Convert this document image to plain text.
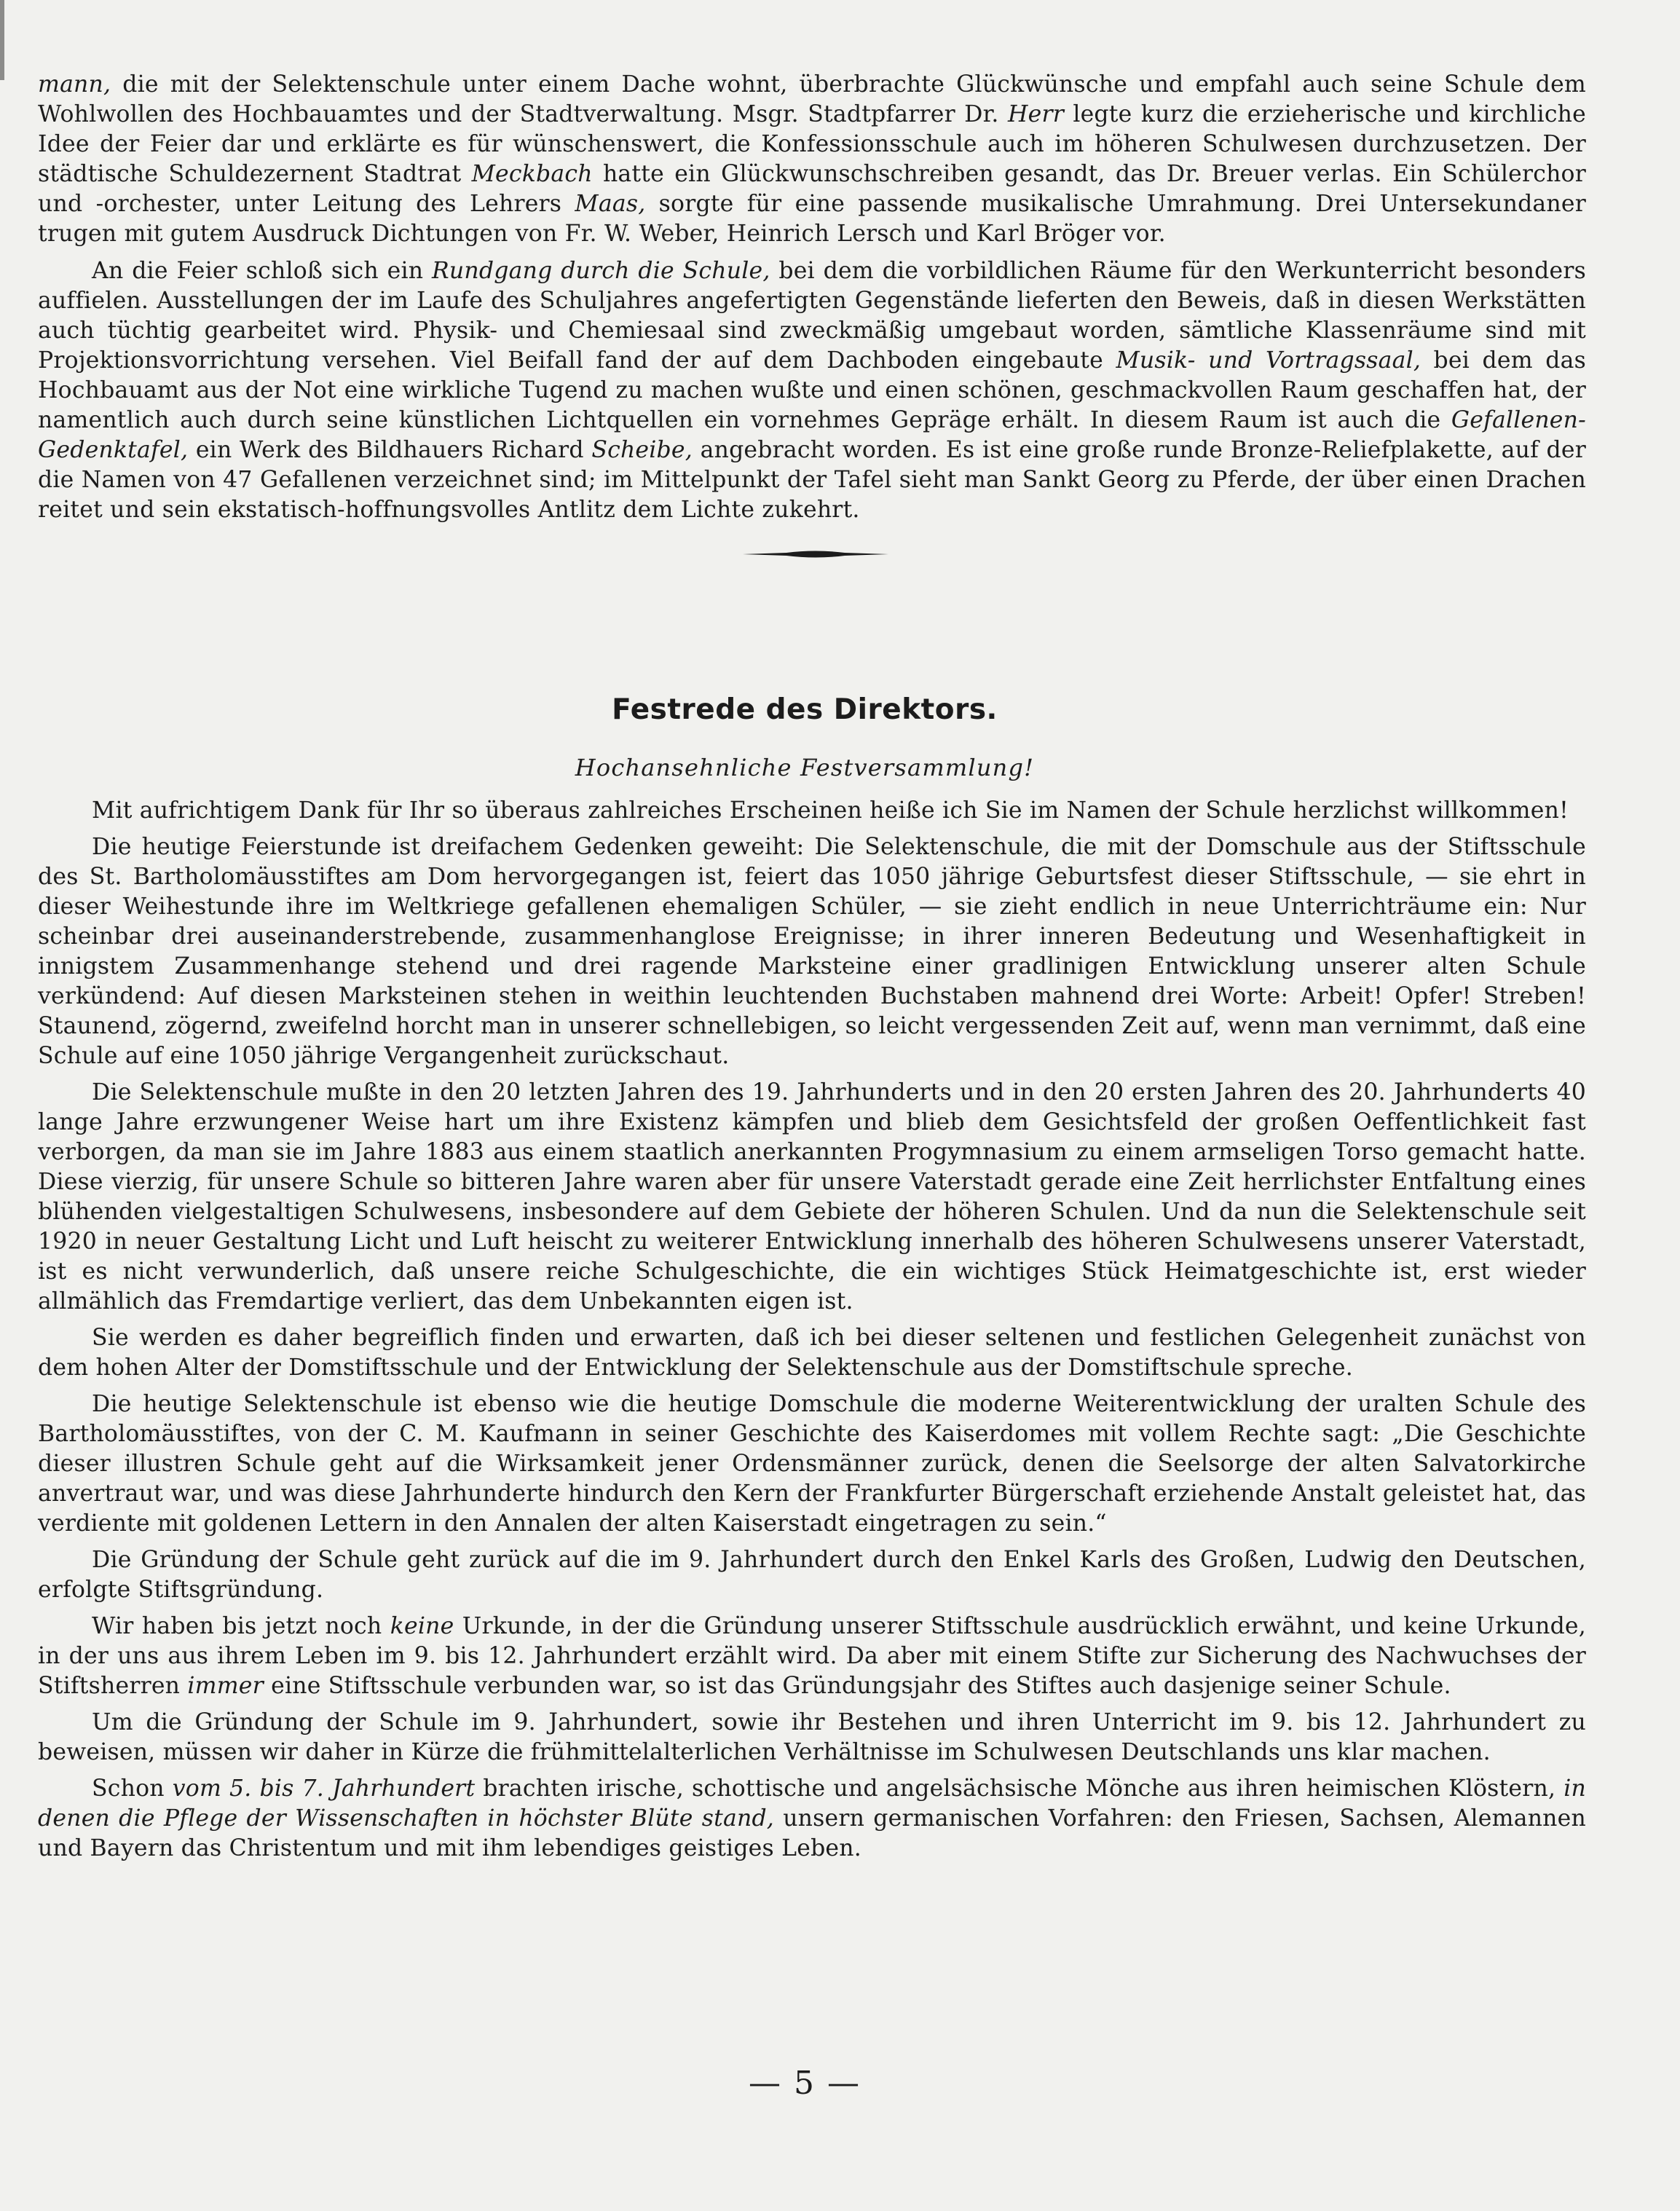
mann, die mit der Selektenschule unter einem Dache wohnt, überbrachte Glückwünsche und empfahl auch seine Schule dem Wohlwollen des Hochbauamtes und der Stadtverwaltung. Msgr. Stadtpfarrer Dr. Herr legte kurz die erzieherische und kirchliche Idee der Feier dar und erklärte es für wünschenswert, die Konfessionsschule auch im höheren Schulwesen durchzusetzen. Der städtische Schuldezernent Stadtrat Meckbach hatte ein Glückwunschschreiben gesandt, das Dr. Breuer verlas. Ein Schülerchor und -orchester, unter Leitung des Lehrers Maas, sorgte für eine passende musikalische Umrahmung. Drei Untersekundaner trugen mit gutem Ausdruck Dichtungen von Fr. W. Weber, Heinrich Lersch und Karl Bröger vor.

An die Feier schloß sich ein Rundgang durch die Schule, bei dem die vorbildlichen Räume für den Werkunterricht besonders auffielen. Ausstellungen der im Laufe des Schuljahres angefertigten Gegenstände lieferten den Beweis, daß in diesen Werkstätten auch tüchtig gearbeitet wird. Physik- und Chemiesaal sind zweckmäßig umgebaut worden, sämtliche Klassenräume sind mit Projektionsvorrichtung versehen. Viel Beifall fand der auf dem Dachboden eingebaute Musik- und Vortragssaal, bei dem das Hochbauamt aus der Not eine wirkliche Tugend zu machen wußte und einen schönen, geschmackvollen Raum geschaffen hat, der namentlich auch durch seine künstlichen Lichtquellen ein vornehmes Gepräge erhält. In diesem Raum ist auch die Gefallenen-Gedenktafel, ein Werk des Bildhauers Richard Scheibe, angebracht worden. Es ist eine große runde Bronze-Reliefplakette, auf der die Namen von 47 Gefallenen verzeichnet sind; im Mittelpunkt der Tafel sieht man Sankt Georg zu Pferde, der über einen Drachen reitet und sein ekstatisch-hoffnungsvolles Antlitz dem Lichte zukehrt.

Festrede des Direktors.
Hochansehnliche Festversammlung!

Mit aufrichtigem Dank für Ihr so überaus zahlreiches Erscheinen heiße ich Sie im Namen der Schule herzlichst willkommen!

Die heutige Feierstunde ist dreifachem Gedenken geweiht: Die Selektenschule, die mit der Domschule aus der Stiftsschule des St. Bartholomäusstiftes am Dom hervorgegangen ist, feiert das 1050 jährige Geburtsfest dieser Stiftsschule, — sie ehrt in dieser Weihestunde ihre im Weltkriege gefallenen ehemaligen Schüler, — sie zieht endlich in neue Unterrichträume ein: Nur scheinbar drei auseinanderstrebende, zusammenhanglose Ereignisse; in ihrer inneren Bedeutung und Wesenhaftigkeit in innigstem Zusammenhange stehend und drei ragende Marksteine einer gradlinigen Entwicklung unserer alten Schule verkündend: Auf diesen Marksteinen stehen in weithin leuchtenden Buchstaben mahnend drei Worte: Arbeit! Opfer! Streben! Staunend, zögernd, zweifelnd horcht man in unserer schnellebigen, so leicht vergessenden Zeit auf, wenn man vernimmt, daß eine Schule auf eine 1050 jährige Vergangenheit zurückschaut.

Die Selektenschule mußte in den 20 letzten Jahren des 19. Jahrhunderts und in den 20 ersten Jahren des 20. Jahrhunderts 40 lange Jahre erzwungener Weise hart um ihre Existenz kämpfen und blieb dem Gesichtsfeld der großen Oeffentlichkeit fast verborgen, da man sie im Jahre 1883 aus einem staatlich anerkannten Progymnasium zu einem armseligen Torso gemacht hatte. Diese vierzig, für unsere Schule so bitteren Jahre waren aber für unsere Vaterstadt gerade eine Zeit herrlichster Entfaltung eines blühenden vielgestaltigen Schulwesens, insbesondere auf dem Gebiete der höheren Schulen. Und da nun die Selektenschule seit 1920 in neuer Gestaltung Licht und Luft heischt zu weiterer Entwicklung innerhalb des höheren Schulwesens unserer Vaterstadt, ist es nicht verwunderlich, daß unsere reiche Schulgeschichte, die ein wichtiges Stück Heimatgeschichte ist, erst wieder allmählich das Fremdartige verliert, das dem Unbekannten eigen ist.

Sie werden es daher begreiflich finden und erwarten, daß ich bei dieser seltenen und festlichen Gelegenheit zunächst von dem hohen Alter der Domstiftsschule und der Entwicklung der Selektenschule aus der Domstiftschule spreche.

Die heutige Selektenschule ist ebenso wie die heutige Domschule die moderne Weiterentwicklung der uralten Schule des Bartholomäusstiftes, von der C. M. Kaufmann in seiner Geschichte des Kaiserdomes mit vollem Rechte sagt: „Die Geschichte dieser illustren Schule geht auf die Wirksamkeit jener Ordensmänner zurück, denen die Seelsorge der alten Salvatorkirche anvertraut war, und was diese Jahrhunderte hindurch den Kern der Frankfurter Bürgerschaft erziehende Anstalt geleistet hat, das verdiente mit goldenen Lettern in den Annalen der alten Kaiserstadt eingetragen zu sein.“

Die Gründung der Schule geht zurück auf die im 9. Jahrhundert durch den Enkel Karls des Großen, Ludwig den Deutschen, erfolgte Stiftsgründung.

Wir haben bis jetzt noch keine Urkunde, in der die Gründung unserer Stiftsschule ausdrücklich erwähnt, und keine Urkunde, in der uns aus ihrem Leben im 9. bis 12. Jahrhundert erzählt wird. Da aber mit einem Stifte zur Sicherung des Nachwuchses der Stiftsherren immer eine Stiftsschule verbunden war, so ist das Gründungsjahr des Stiftes auch dasjenige seiner Schule.

Um die Gründung der Schule im 9. Jahrhundert, sowie ihr Bestehen und ihren Unterricht im 9. bis 12. Jahrhundert zu beweisen, müssen wir daher in Kürze die frühmittelalterlichen Verhältnisse im Schulwesen Deutschlands uns klar machen.

Schon vom 5. bis 7. Jahrhundert brachten irische, schottische und angelsächsische Mönche aus ihren heimischen Klöstern, in denen die Pflege der Wissenschaften in höchster Blüte stand, unsern germanischen Vorfahren: den Friesen, Sachsen, Alemannen und Bayern das Christentum und mit ihm lebendiges geistiges Leben.

— 5 —
